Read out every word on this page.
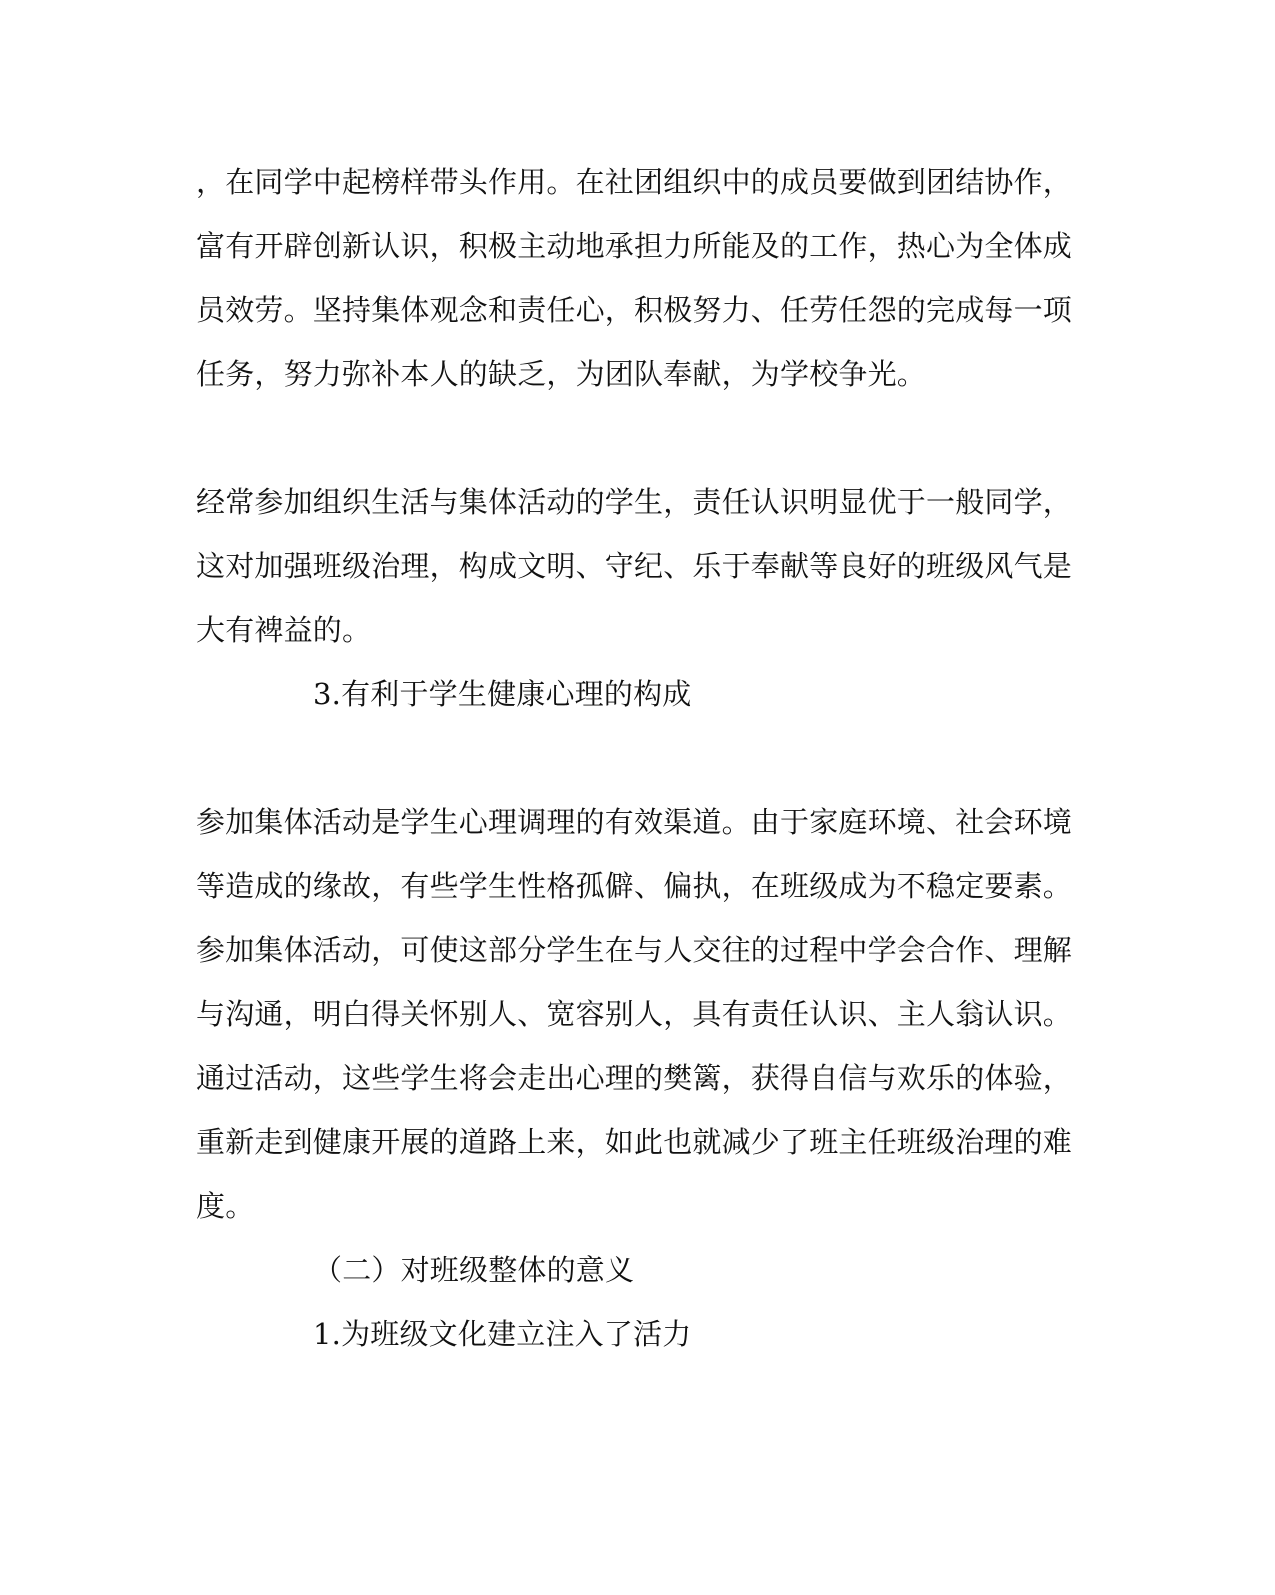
，在同学中起榜样带头作用。在社团组织中的成员要做到团结协作，
富有开辟创新认识，积极主动地承担力所能及的工作，热心为全体成
员效劳。坚持集体观念和责任心，积极努力、任劳任怨的完成每一项
任务，努力弥补本人的缺乏，为团队奉献，为学校争光。
经常参加组织生活与集体活动的学生，责任认识明显优于一般同学，
这对加强班级治理，构成文明、守纪、乐于奉献等良好的班级风气是
大有裨益的。
3.有利于学生健康心理的构成
参加集体活动是学生心理调理的有效渠道。由于家庭环境、社会环境
等造成的缘故，有些学生性格孤僻、偏执，在班级成为不稳定要素。
参加集体活动，可使这部分学生在与人交往的过程中学会合作、理解
与沟通，明白得关怀别人、宽容别人，具有责任认识、主人翁认识。
通过活动，这些学生将会走出心理的樊篱，获得自信与欢乐的体验，
重新走到健康开展的道路上来，如此也就减少了班主任班级治理的难
度。
（二）对班级整体的意义
1.为班级文化建立注入了活力
